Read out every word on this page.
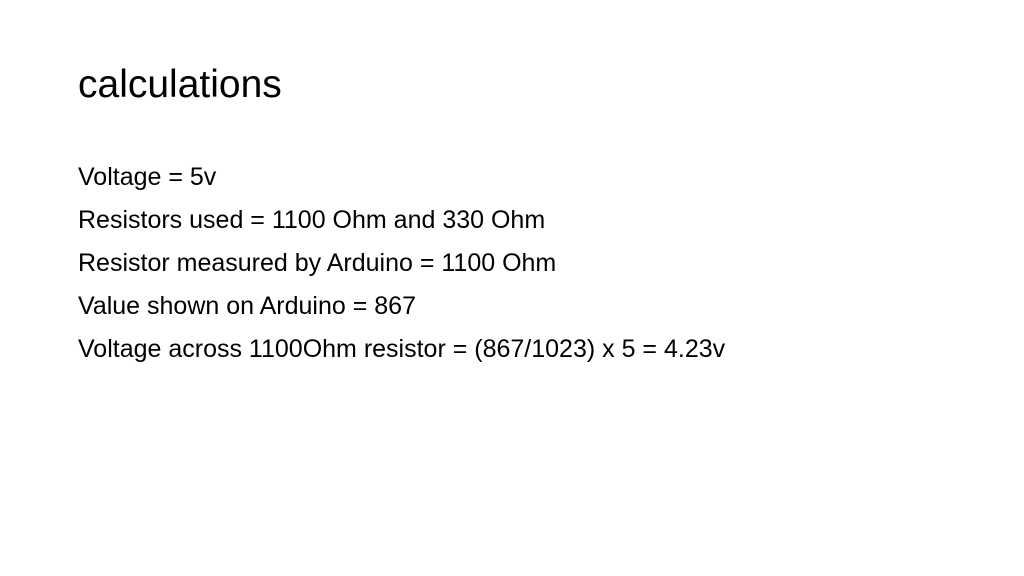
calculations
Voltage = 5v
Resistors used = 1100 Ohm and 330 Ohm
Resistor measured by Arduino = 1100 Ohm
Value shown on Arduino = 867
Voltage across 1100Ohm resistor = (867/1023) x 5 = 4.23v
